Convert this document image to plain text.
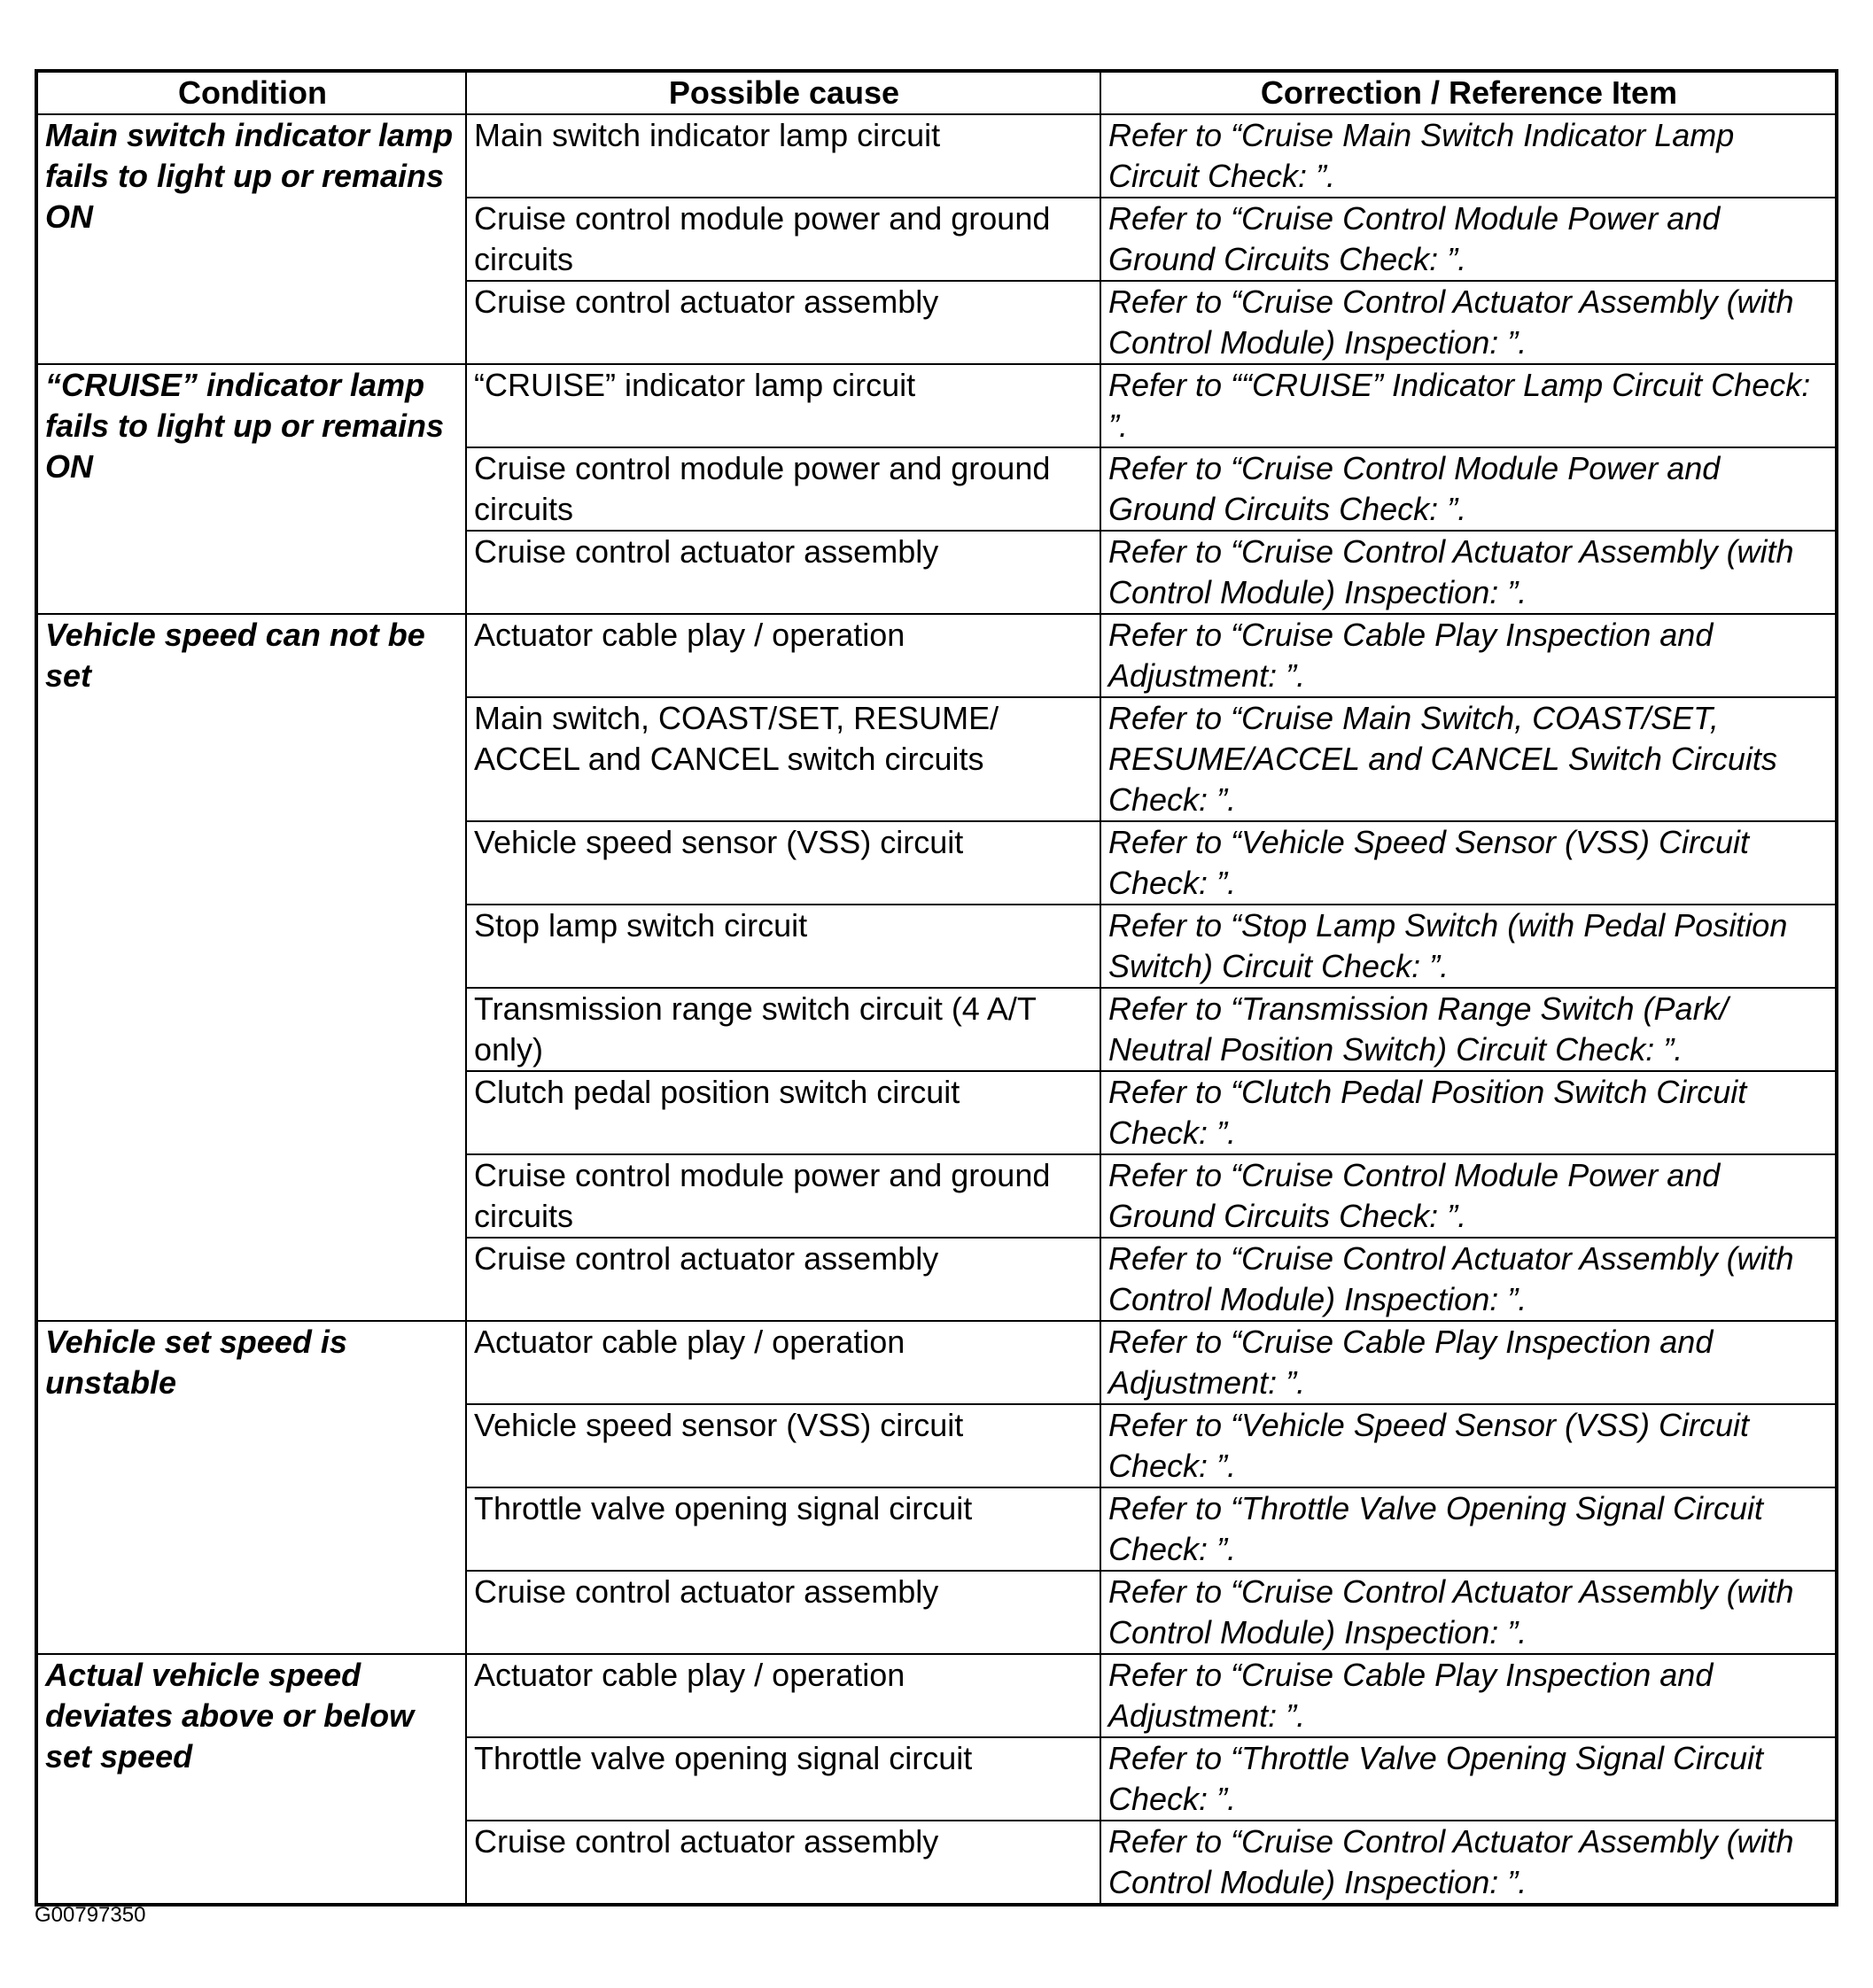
Condition	Possible cause	Correction / Reference Item
Main switch indicator lamp fails to light up or remains ON	Main switch indicator lamp circuit	Refer to “Cruise Main Switch Indicator Lamp Circuit Check: ”.
	Cruise control module power and ground circuits	Refer to “Cruise Control Module Power and Ground Circuits Check: ”.
	Cruise control actuator assembly	Refer to “Cruise Control Actuator Assembly (with Control Module) Inspection: ”.
“CRUISE” indicator lamp fails to light up or remains ON	“CRUISE” indicator lamp circuit	Refer to ““CRUISE” Indicator Lamp Circuit Check: ”.
	Cruise control module power and ground circuits	Refer to “Cruise Control Module Power and Ground Circuits Check: ”.
	Cruise control actuator assembly	Refer to “Cruise Control Actuator Assembly (with Control Module) Inspection: ”.
Vehicle speed can not be set	Actuator cable play / operation	Refer to “Cruise Cable Play Inspection and Adjustment: ”.
	Main switch, COAST/SET, RESUME/ ACCEL and CANCEL switch circuits	Refer to “Cruise Main Switch, COAST/SET, RESUME/ACCEL and CANCEL Switch Circuits Check: ”.
	Vehicle speed sensor (VSS) circuit	Refer to “Vehicle Speed Sensor (VSS) Circuit Check: ”.
	Stop lamp switch circuit	Refer to “Stop Lamp Switch (with Pedal Position Switch) Circuit Check: ”.
	Transmission range switch circuit (4 A/T only)	Refer to “Transmission Range Switch (Park/ Neutral Position Switch) Circuit Check: ”.
	Clutch pedal position switch circuit	Refer to “Clutch Pedal Position Switch Circuit Check: ”.
	Cruise control module power and ground circuits	Refer to “Cruise Control Module Power and Ground Circuits Check: ”.
	Cruise control actuator assembly	Refer to “Cruise Control Actuator Assembly (with Control Module) Inspection: ”.
Vehicle set speed is unstable	Actuator cable play / operation	Refer to “Cruise Cable Play Inspection and Adjustment: ”.
	Vehicle speed sensor (VSS) circuit	Refer to “Vehicle Speed Sensor (VSS) Circuit Check: ”.
	Throttle valve opening signal circuit	Refer to “Throttle Valve Opening Signal Circuit Check: ”.
	Cruise control actuator assembly	Refer to “Cruise Control Actuator Assembly (with Control Module) Inspection: ”.
Actual vehicle speed deviates above or below set speed	Actuator cable play / operation	Refer to “Cruise Cable Play Inspection and Adjustment: ”.
	Throttle valve opening signal circuit	Refer to “Throttle Valve Opening Signal Circuit Check: ”.
	Cruise control actuator assembly	Refer to “Cruise Control Actuator Assembly (with Control Module) Inspection: ”.
G00797350
